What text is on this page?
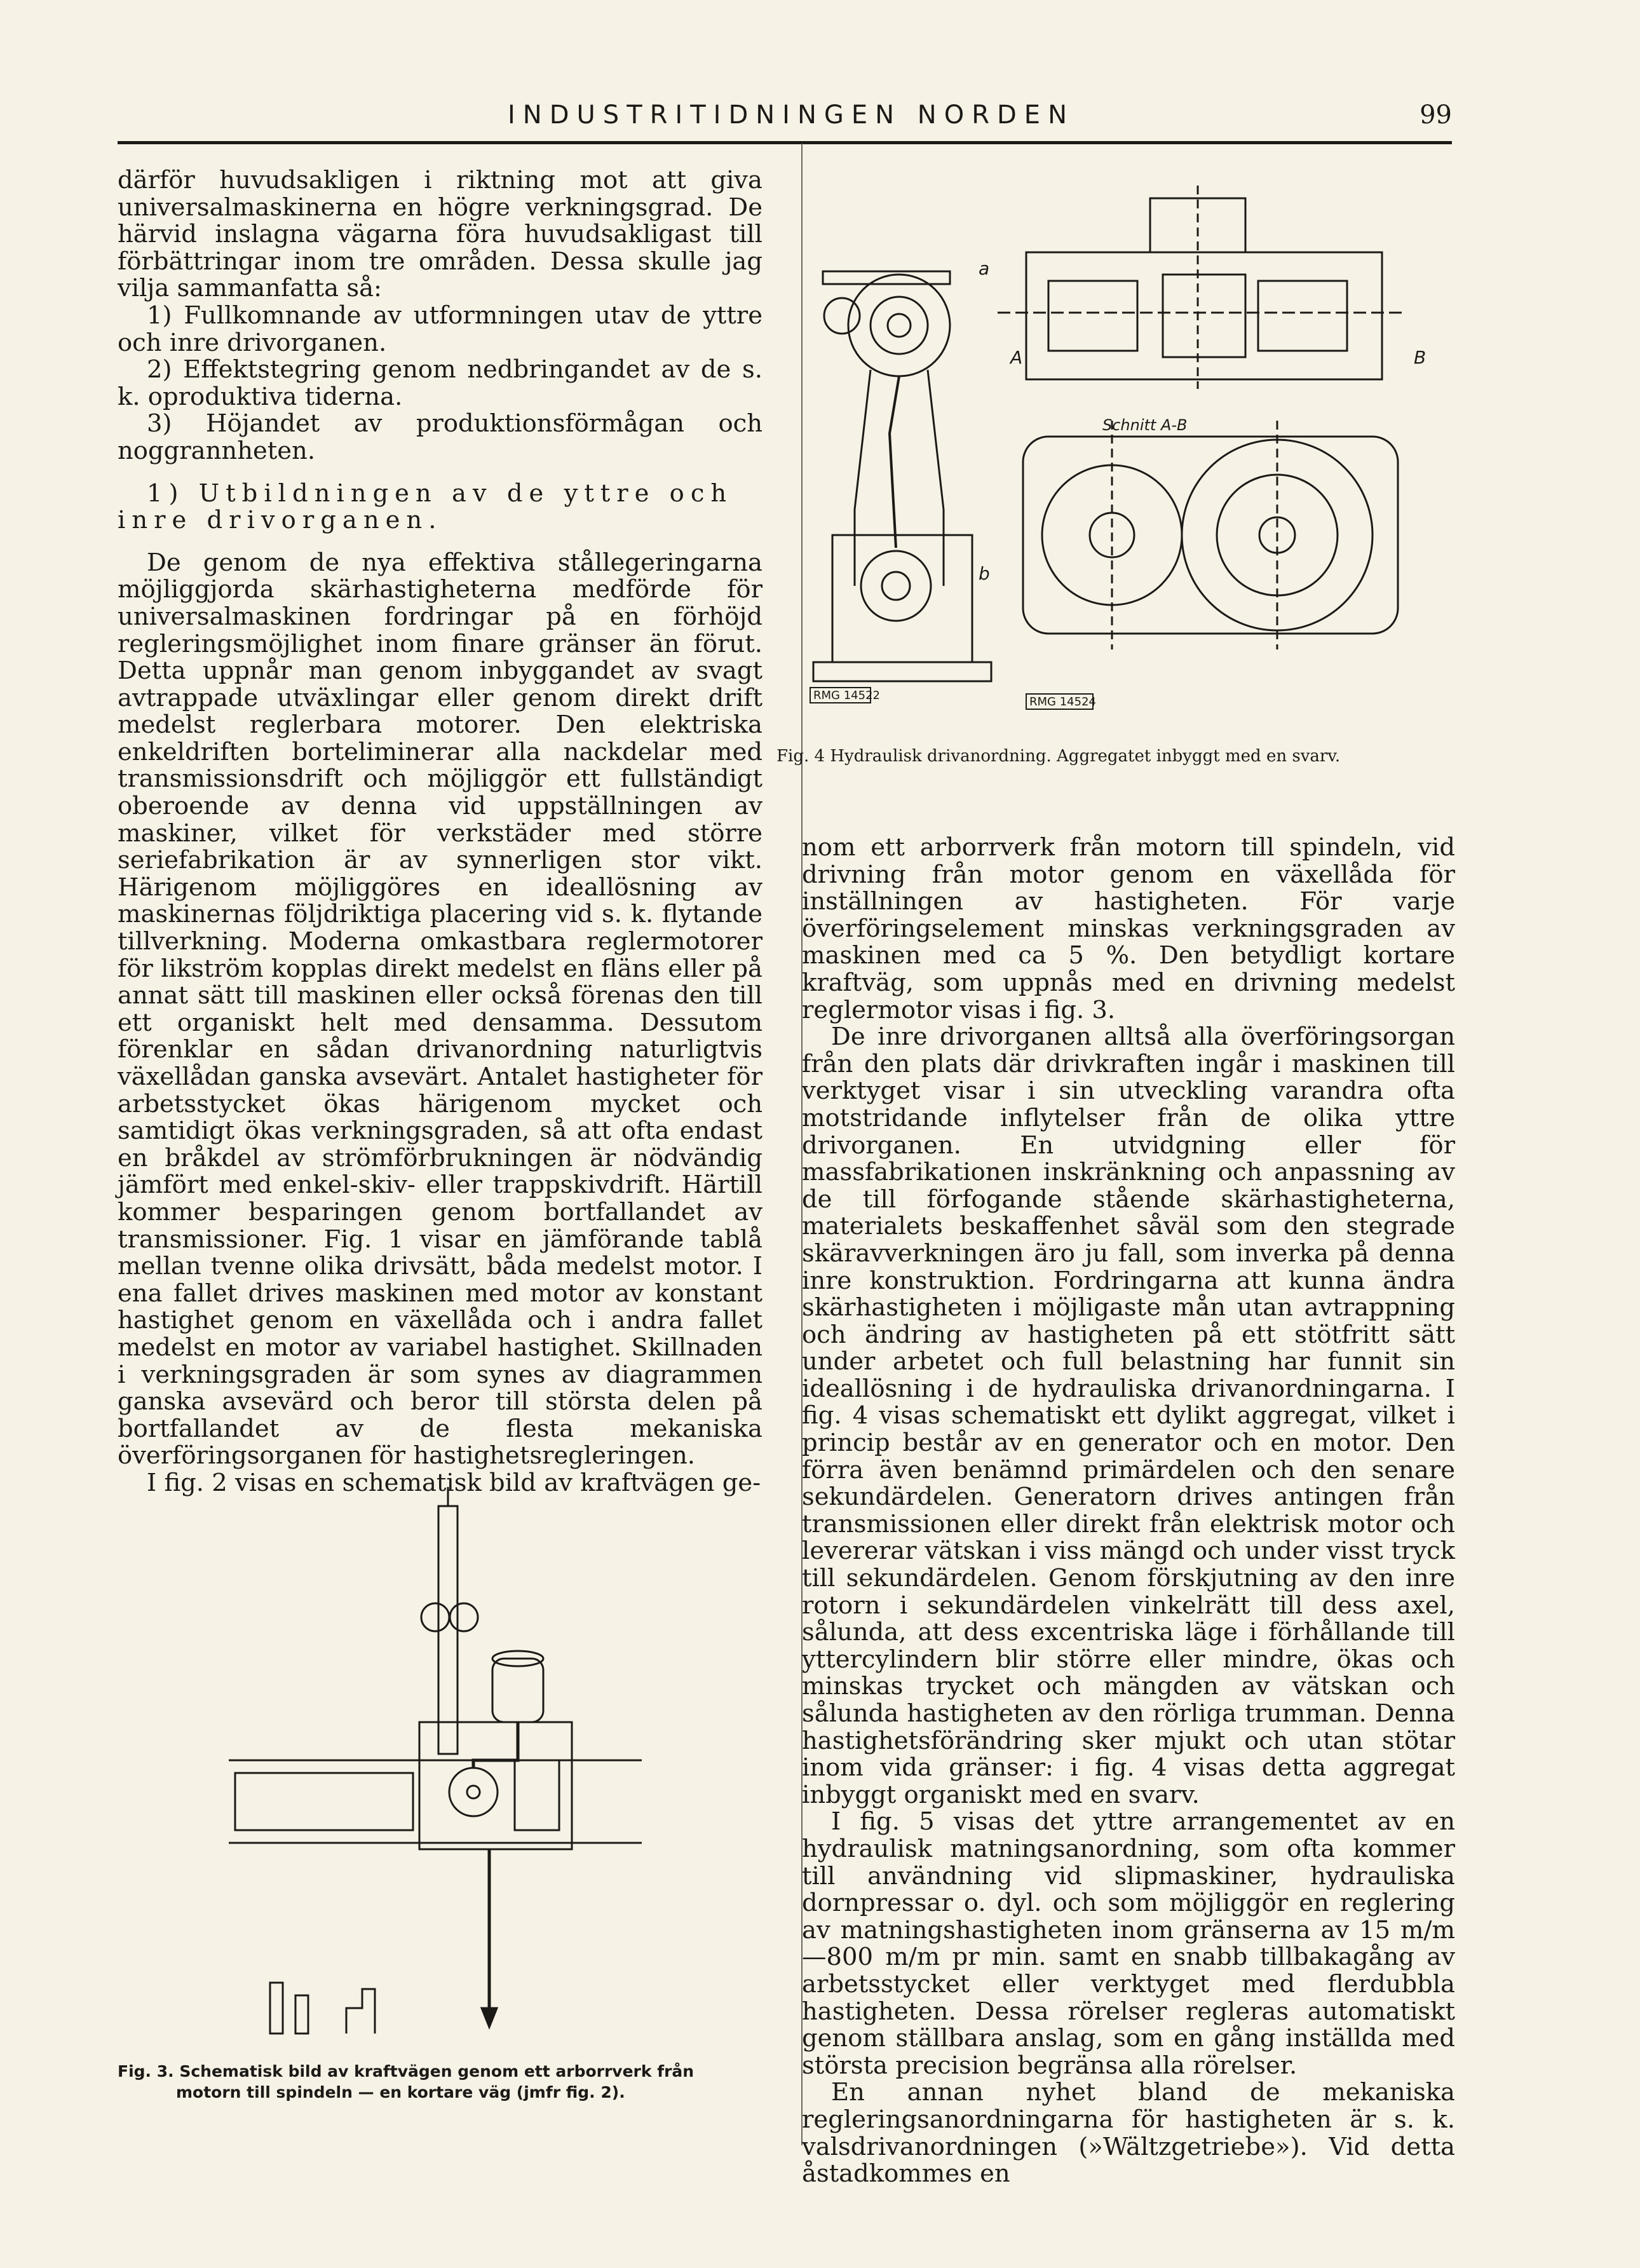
INDUSTRITIDNINGEN NORDEN	99

därför huvudsakligen i riktning mot att giva universalmaskinerna en högre verkningsgrad. De härvid inslagna vägarna föra huvudsakligast till förbättringar inom tre områden. Dessa skulle jag vilja sammanfatta så:

1) Fullkomnande av utformningen utav de yttre och inre drivorganen.

2) Effektstegring genom nedbringandet av de s. k. oproduktiva tiderna.

3) Höjandet av produktionsförmågan och noggrannheten.

1) Utbildningen av de yttre och inre drivorganen.

De genom de nya effektiva stållegeringarna möjliggjorda skärhastigheterna medförde för universalmaskinen fordringar på en förhöjd regleringsmöjlighet inom finare gränser än förut. Detta uppnår man genom inbyggandet av svagt avtrappade utväxlingar eller genom direkt drift medelst reglerbara motorer. Den elektriska enkeldriften borteliminerar alla nackdelar med transmissionsdrift och möjliggör ett fullständigt oberoende av denna vid uppställningen av maskiner, vilket för verkstäder med större seriefabrikation är av synnerligen stor vikt. Härigenom möjliggöres en ideallösning av maskinernas följdriktiga placering vid s. k. flytande tillverkning. Moderna omkastbara reglermotorer för likström kopplas direkt medelst en fläns eller på annat sätt till maskinen eller också förenas den till ett organiskt helt med densamma. Dessutom förenklar en sådan drivanordning naturligtvis växellådan ganska avsevärt. Antalet hastigheter för arbetsstycket ökas härigenom mycket och samtidigt ökas verkningsgraden, så att ofta endast en bråkdel av strömförbrukningen är nödvändig jämfört med enkel-skiv- eller trappskivdrift. Härtill kommer besparingen genom bortfallandet av transmissioner. Fig. 1 visar en jämförande tablå mellan tvenne olika drivsätt, båda medelst motor. I ena fallet drives maskinen med motor av konstant hastighet genom en växellåda och i andra fallet medelst en motor av variabel hastighet. Skillnaden i verkningsgraden är som synes av diagrammen ganska avsevärd och beror till största delen på bortfallandet av de flesta mekaniska överföringsorganen för hastighetsregleringen.

I fig. 2 visas en schematisk bild av kraftvägen ge-

a
b
A	B
Schnitt A-B
RMG 14522	RMG 14524
Fig. 4 Hydraulisk drivanordning. Aggregatet inbyggt med en svarv.

nom ett arborrverk från motorn till spindeln, vid drivning från motor genom en växellåda för inställningen av hastigheten. För varje överföringselement minskas verkningsgraden av maskinen med ca 5 %. Den betydligt kortare kraftväg, som uppnås med en drivning medelst reglermotor visas i fig. 3.

De inre drivorganen alltså alla överföringsorgan från den plats där drivkraften ingår i maskinen till verktyget visar i sin utveckling varandra ofta motstridande inflytelser från de olika yttre drivorganen. En utvidgning eller för massfabrikationen inskränkning och anpassning av de till förfogande stående skärhastigheterna, materialets beskaffenhet såväl som den stegrade skäravverkningen äro ju fall, som inverka på denna inre konstruktion. Fordringarna att kunna ändra skärhastigheten i möjligaste mån utan avtrappning och ändring av hastigheten på ett stötfritt sätt under arbetet och full belastning har funnit sin ideallösning i de hydrauliska drivanordningarna. I fig. 4 visas schematiskt ett dylikt aggregat, vilket i princip består av en generator och en motor. Den förra även benämnd primärdelen och den senare sekundärdelen. Generatorn drives antingen från transmissionen eller direkt från elektrisk motor och levererar vätskan i viss mängd och under visst tryck till sekundärdelen. Genom förskjutning av den inre rotorn i sekundärdelen vinkelrätt till dess axel, sålunda, att dess excentriska läge i förhållande till yttercylindern blir större eller mindre, ökas och minskas trycket och mängden av vätskan och sålunda hastigheten av den rörliga trumman. Denna hastighetsförändring sker mjukt och utan stötar inom vida gränser: i fig. 4 visas detta aggregat inbyggt organiskt med en svarv.

I fig. 5 visas det yttre arrangementet av en hydraulisk matningsanordning, som ofta kommer till användning vid slipmaskiner, hydrauliska dornpressar o. dyl. och som möjliggör en reglering av matningshastigheten inom gränserna av 15 m/m—800 m/m pr min. samt en snabb tillbakagång av arbetsstycket eller verktyget med flerdubbla hastigheten. Dessa rörelser regleras automatiskt genom ställbara anslag, som en gång inställda med största precision begränsa alla rörelser.

En annan nyhet bland de mekaniska regleringsanordningarna för hastigheten är s. k. valsdrivanordningen (»Wältzgetriebe»). Vid detta åstadkommes en

Fig. 3. Schematisk bild av kraftvägen genom ett arborrverk från
motorn till spindeln — en kortare väg (jmfr fig. 2).
